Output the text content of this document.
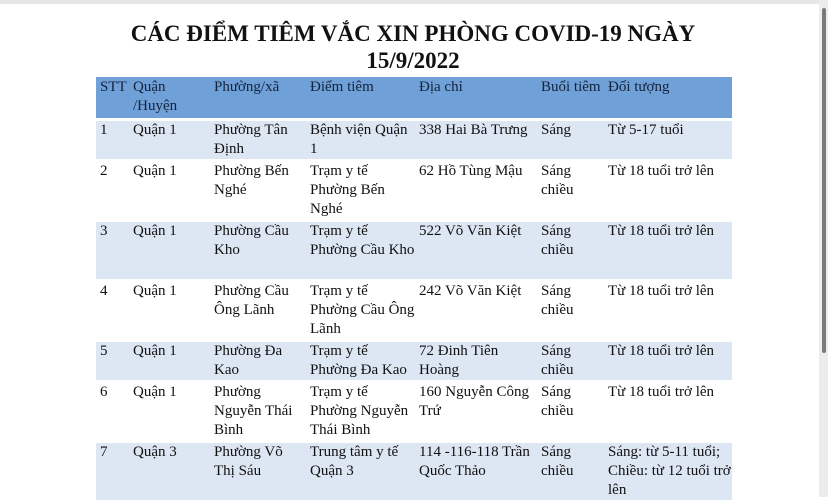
CÁC ĐIỂM TIÊM VẮC XIN PHÒNG COVID-19 NGÀY 15/9/2022
STT	Quận /Huyện	Phường/xã	Điểm tiêm	Địa chỉ	Buổi tiêm	Đối tượng
1	Quận 1	Phường Tân Định	Bệnh viện Quận 1	338 Hai Bà Trưng	Sáng	Từ 5-17 tuổi
2	Quận 1	Phường Bến Nghé	Trạm y tế Phường Bến Nghé	62 Hồ Tùng Mậu	Sáng chiều	Từ 18 tuổi trở lên
3	Quận 1	Phường Cầu Kho	Trạm y tế Phường Cầu Kho	522 Võ Văn Kiệt	Sáng chiều	Từ 18 tuổi trở lên
4	Quận 1	Phường Cầu Ông Lãnh	Trạm y tế Phường Cầu Ông Lãnh	242 Võ Văn Kiệt	Sáng chiều	Từ 18 tuổi trở lên
5	Quận 1	Phường Đa Kao	Trạm y tế Phường Đa Kao	72 Đinh Tiên Hoàng	Sáng chiều	Từ 18 tuổi trở lên
6	Quận 1	Phường Nguyễn Thái Bình	Trạm y tế Phường Nguyễn Thái Bình	160 Nguyễn Công Trứ	Sáng chiều	Từ 18 tuổi trở lên
7	Quận 3	Phường Võ Thị Sáu	Trung tâm y tế Quận 3	114 -116-118 Trần Quốc Thảo	Sáng chiều	Sáng: từ 5-11 tuổi; Chiều: từ 12 tuổi trở lên
